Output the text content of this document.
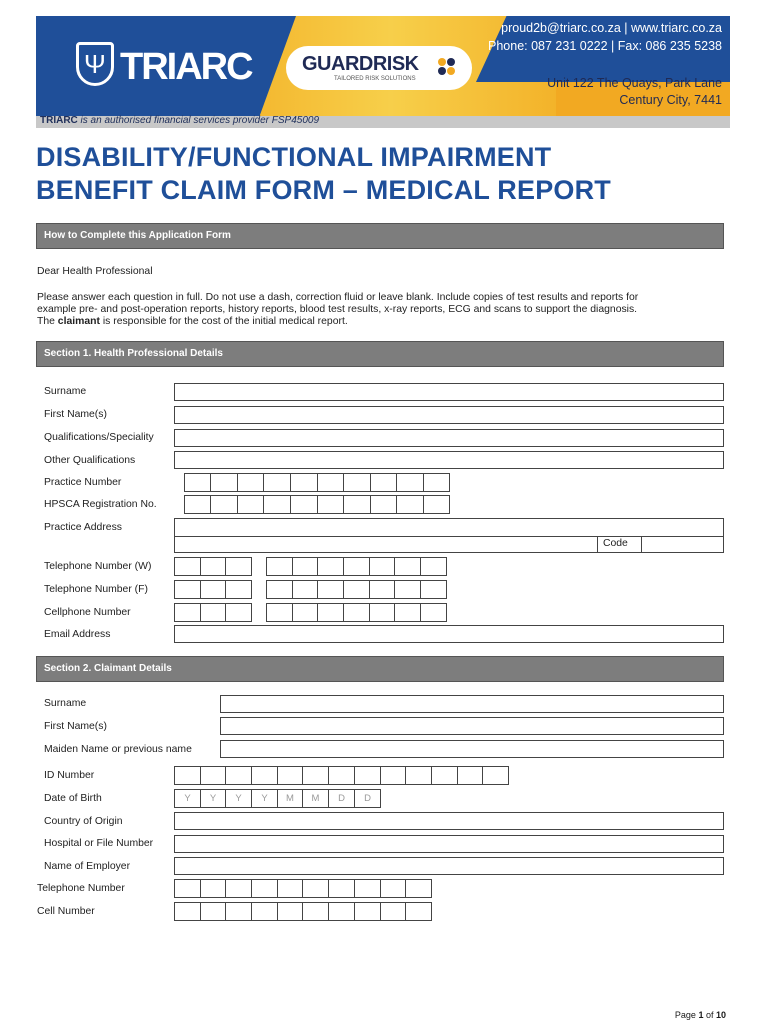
Ψ TRIARC	GUARDRISK
TAILORED RISK SOLUTIONS
proud2b@triarc.co.za | www.triarc.co.za
Phone: 087 231 0222 | Fax: 086 235 5238
Unit 122 The Quays, Park Lane
Century City, 7441
TRIARC is an authorised financial services provider FSP45009
DISABILITY/FUNCTIONAL IMPAIRMENT
BENEFIT CLAIM FORM – MEDICAL REPORT
How to Complete this Application Form
Dear Health Professional
Please answer each question in full. Do not use a dash, correction fluid or leave blank. Include copies of test results and reports for
example pre- and post-operation reports, history reports, blood test results, x-ray reports, ECG and scans to support the diagnosis.
The claimant is responsible for the cost of the initial medical report.
Section 1. Health Professional Details
Surname
First Name(s)
Qualifications/Speciality
Other Qualifications
Practice Number
HPSCA Registration No.
Practice Address
Code
Telephone Number (W)
Telephone Number (F)
Cellphone Number
Email Address
Section 2. Claimant Details
Surname
First Name(s)
Maiden Name or previous name
ID Number
Date of Birth	Y	Y	Y	Y	M	M	D	D
Country of Origin
Hospital or File Number
Name of Employer
Telephone Number
Cell Number
Page 1 of 10
